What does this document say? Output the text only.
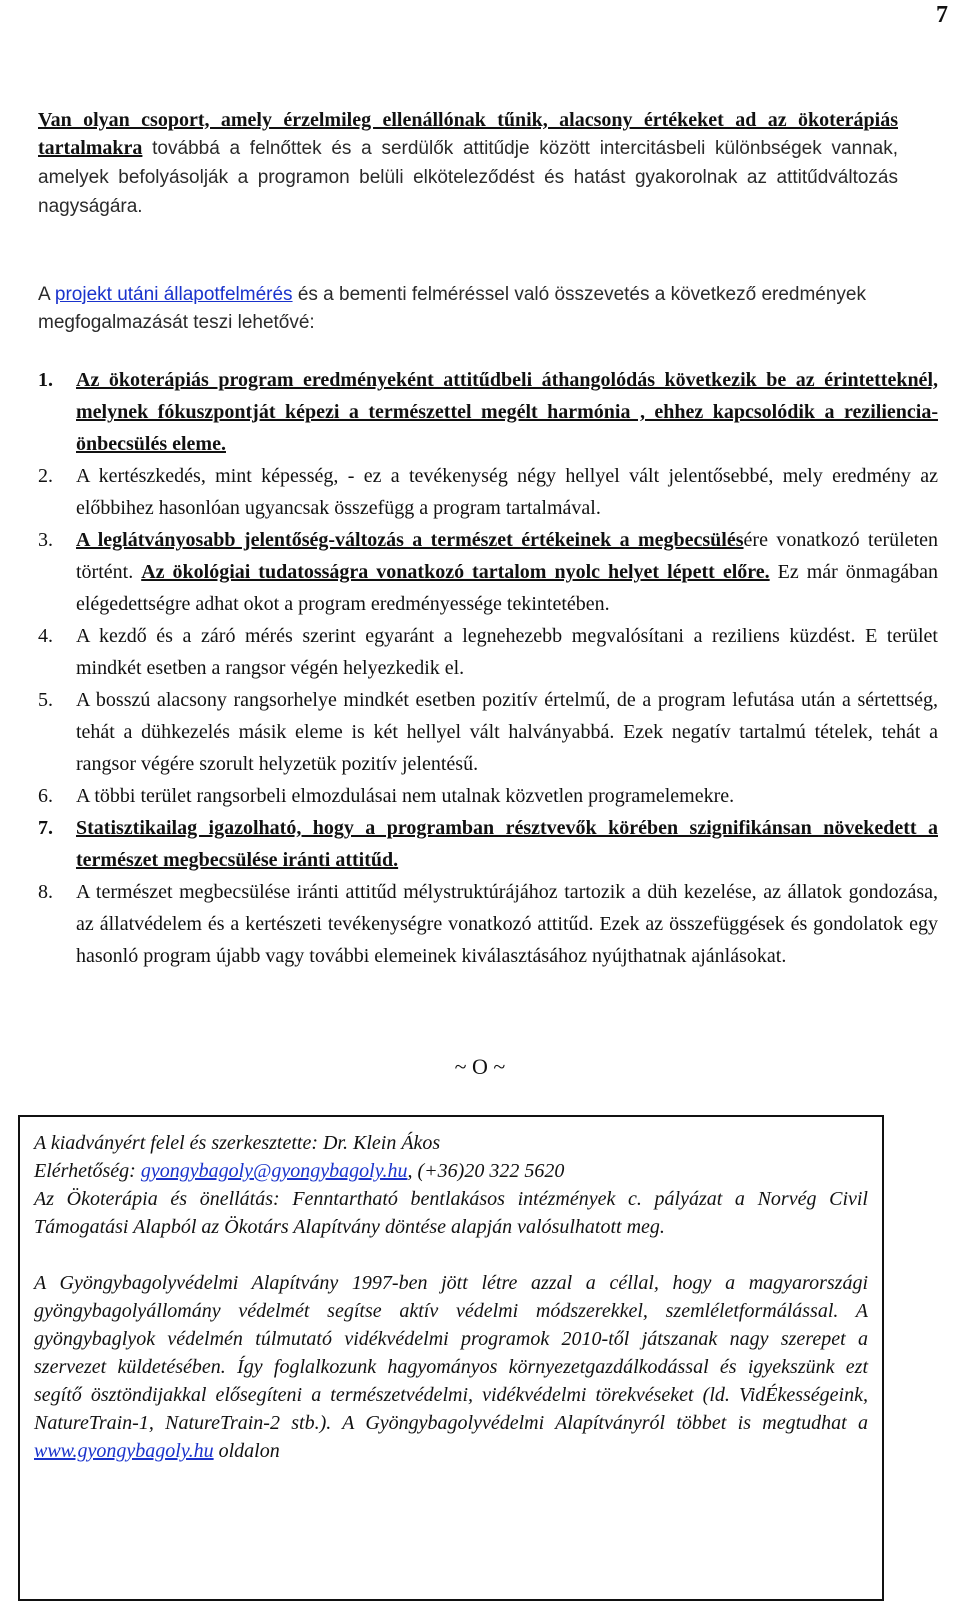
7
Van olyan csoport, amely érzelmileg ellenállónak tűnik, alacsony értékeket ad az ökoterápiás tartalmakra továbbá a felnőttek és a serdülők attitűdje között intercitásbeli különbségek vannak, amelyek befolyásolják a programon belüli elköteleződést és hatást gyakorolnak az attitűdváltozás nagyságára.
A projekt utáni állapotfelmérés és a bementi felméréssel való összevetés a következő eredmények megfogalmazását teszi lehetővé:
1.	Az ökoterápiás program eredményeként attitűdbeli áthangolódás következik be az érintetteknél, melynek fókuszpontját képezi a természettel megélt harmónia , ehhez kapcsolódik a reziliencia-önbecsülés eleme.
2.	A kertészkedés, mint képesség, - ez a tevékenység négy hellyel vált jelentősebbé, mely eredmény az előbbihez hasonlóan ugyancsak összefügg a program tartalmával.
3.	A leglátványosabb jelentőség-változás a természet értékeinek a megbecsülésére vonatkozó területen történt. Az ökológiai tudatosságra vonatkozó tartalom nyolc helyet lépett előre. Ez már önmagában elégedettségre adhat okot a program eredményessége tekintetében.
4.	A kezdő és a záró mérés szerint egyaránt a legnehezebb megvalósítani a reziliens küzdést. E terület mindkét esetben a rangsor végén helyezkedik el.
5.	A bosszú alacsony rangsorhelye mindkét esetben pozitív értelmű, de a program lefutása után a sértettség, tehát a dühkezelés másik eleme is két hellyel vált halványabbá. Ezek negatív tartalmú tételek, tehát a rangsor végére szorult helyzetük pozitív jelentésű.
6.	A többi terület rangsorbeli elmozdulásai nem utalnak közvetlen programelemekre.
7.	Statisztikailag igazolható, hogy a programban résztvevők körében szignifikánsan növekedett a természet megbecsülése iránti attitűd.
8.	A természet megbecsülése iránti attitűd mélystruktúrájához tartozik a düh kezelése, az állatok gondozása, az állatvédelem és a kertészeti tevékenységre vonatkozó attitűd. Ezek az összefüggések és gondolatok egy hasonló program újabb vagy további elemeinek kiválasztásához nyújthatnak ajánlásokat.
~ O ~

A kiadványért felel és szerkesztette: Dr. Klein Ákos

Elérhetőség: gyongybagoly@gyongybagoly.hu, (+36)20 322 5620

Az Ökoterápia és önellátás: Fenntartható bentlakásos intézmények c. pályázat a Norvég Civil Támogatási Alapból az Ökotárs Alapítvány döntése alapján valósulhatott meg.

A Gyöngybagolyvédelmi Alapítvány 1997-ben jött létre azzal a céllal, hogy a magyarországi gyöngybagolyállomány védelmét segítse aktív védelmi módszerekkel, szemléletformálással. A gyöngybaglyok védelmén túlmutató vidékvédelmi programok 2010-től játszanak nagy szerepet a szervezet küldetésében. Így foglalkozunk hagyományos környezetgazdálkodással és igyekszünk ezt segítő ösztöndijakkal elősegíteni a természetvédelmi, vidékvédelmi törekvéseket (ld. VidÉkességeink, NatureTrain-1, NatureTrain-2 stb.). A Gyöngybagolyvédelmi Alapítványról többet is megtudhat a www.gyongybagoly.hu oldalon
